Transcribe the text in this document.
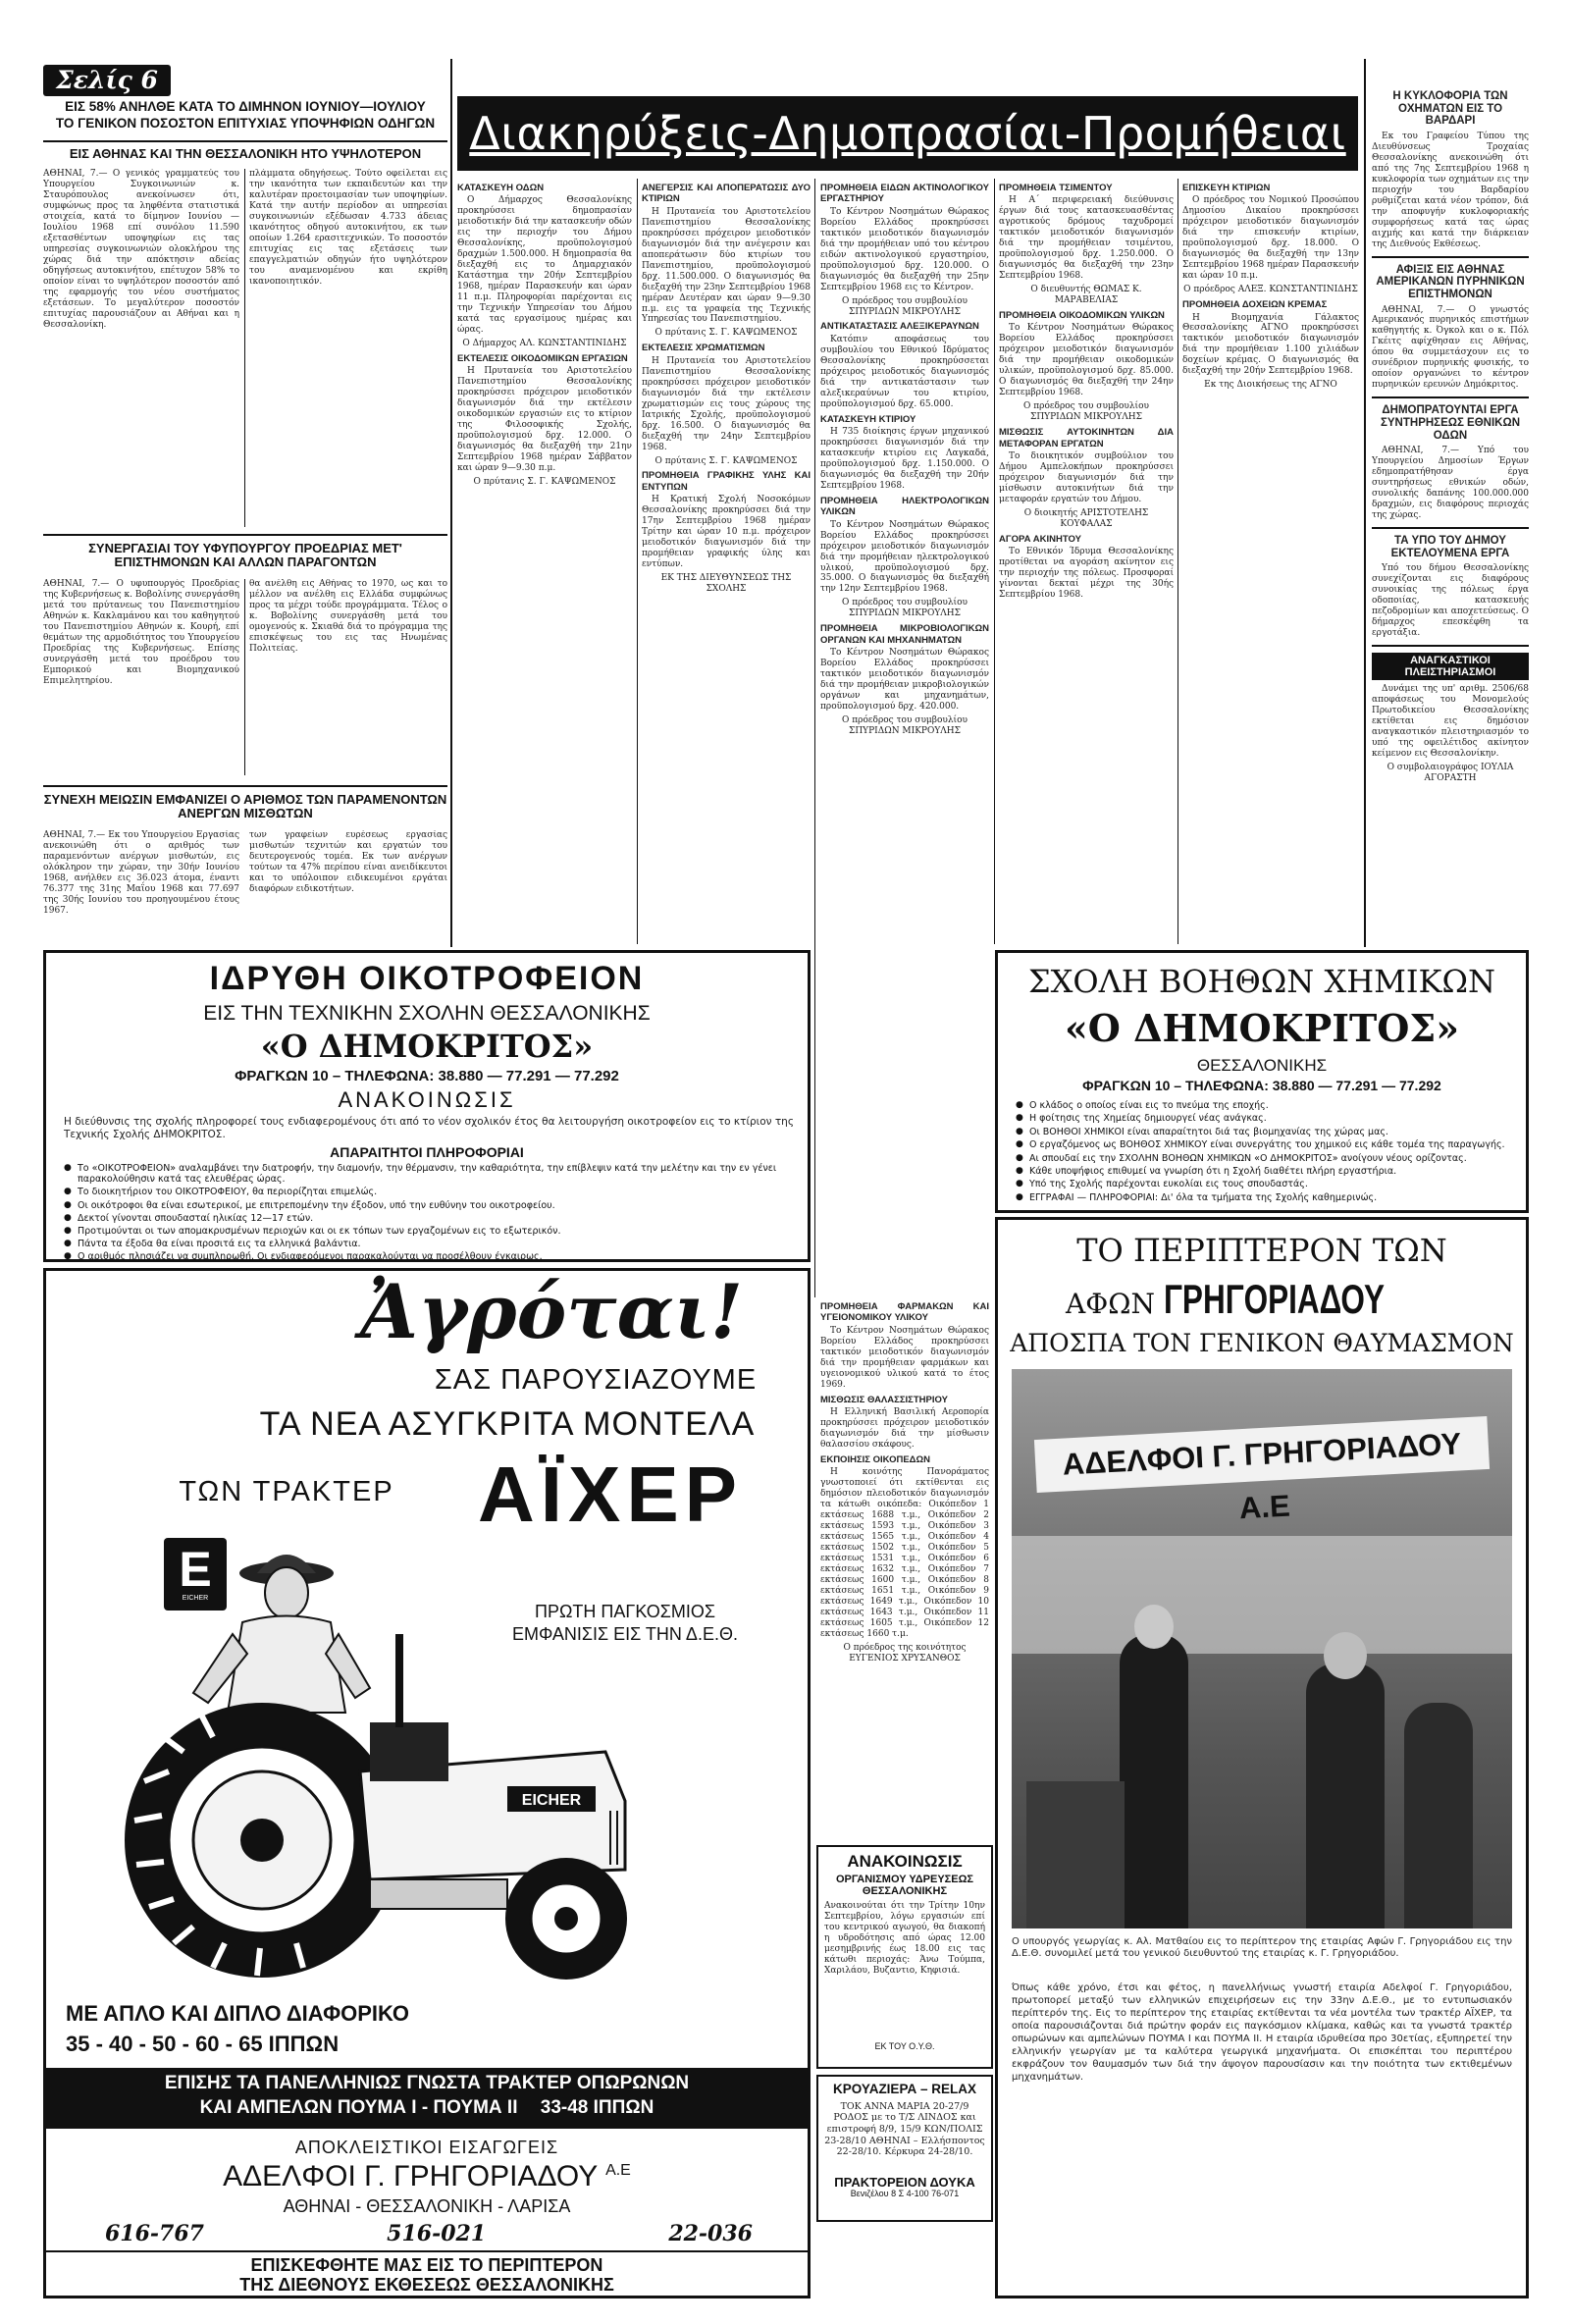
Σελίς 6
ΕΙΣ 58% ΑΝΗΛΘΕ ΚΑΤΑ ΤΟ ΔΙΜΗΝΟΝ ΙΟΥΝΙΟΥ—ΙΟΥΛΙΟΥ
ΤΟ ΓΕΝΙΚΟΝ ΠΟΣΟΣΤΟΝ ΕΠΙΤΥΧΙΑΣ ΥΠΟΨΗΦΙΩΝ ΟΔΗΓΩΝ
ΕΙΣ ΑΘΗΝΑΣ ΚΑΙ ΤΗΝ ΘΕΣΣΑΛΟΝΙΚΗ ΗΤΟ ΥΨΗΛΟΤΕΡΟΝ
ΑΘΗΝΑΙ, 7.— Ο γενικός γραμματεύς του Υπουργείου Συγκοινωνιών κ. Σταυρόπουλος ανεκοίνωσεν ότι, συμφώνως προς τα ληφθέντα στατιστικά στοιχεία, κατά το δίμηνον Ιουνίου — Ιουλίου 1968 επί συνόλου 11.590 εξετασθέντων υποψηφίων εις τας υπηρεσίας συγκοινωνιών ολοκλήρου της χώρας διά την απόκτησιν αδείας οδηγήσεως αυτοκινήτου, επέτυχον 58% το οποίον είναι το υψηλότερον ποσοστόν από της εφαρμογής του νέου συστήματος εξετάσεων. Το μεγαλύτερον ποσοστόν επιτυχίας παρουσιάζουν αι Αθήναι και η Θεσσαλονίκη.
πλάμματα οδηγήσεως. Τούτο οφείλεται εις την ικανότητα των εκπαιδευτών και την καλυτέραν προετοιμασίαν των υποψηφίων. Κατά την αυτήν περίοδον αι υπηρεσίαι συγκοινωνιών εξέδωσαν 4.733 άδειας ικανότητος οδηγού αυτοκινήτου, εκ των οποίων 1.264 ερασιτεχνικών. Το ποσοστόν επιτυχίας εις τας εξετάσεις των επαγγελματιών οδηγών ήτο υψηλότερον του αναμενομένου και εκρίθη ικανοποιητικόν.
ΣΥΝΕΡΓΑΣΙΑΙ ΤΟΥ ΥΦΥΠΟΥΡΓΟΥ ΠΡΟΕΔΡΙΑΣ ΜΕΤ' ΕΠΙΣΤΗΜΟΝΩΝ ΚΑΙ ΑΛΛΩΝ ΠΑΡΑΓΟΝΤΩΝ
ΑΘΗΝΑΙ, 7.— Ο υφυπουργός Προεδρίας της Κυβερνήσεως κ. Βοβολίνης συνεργάσθη μετά του πρύτανεως του Πανεπιστημίου Αθηνών κ. Κακλαμάνου και του καθηγητού του Πανεπιστημίου Αθηνών κ. Κουρή, επί θεμάτων της αρμοδιότητος του Υπουργείου Προεδρίας της Κυβερνήσεως. Επίσης συνεργάσθη μετά του προέδρου του Εμπορικού και Βιομηχανικού Επιμελητηρίου.
θα ανέλθη εις Αθήνας το 1970, ως και το μέλλον να ανέλθη εις Ελλάδα συμφώνως προς τα μέχρι τούδε προγράμματα. Τέλος ο κ. Βοβολίνης συνεργάσθη μετά του ομογενούς κ. Σκιαθά διά το πρόγραμμα της επισκέψεως του εις τας Ηνωμένας Πολιτείας.
ΣΥΝΕΧΗ ΜΕΙΩΣΙΝ ΕΜΦΑΝΙΖΕΙ Ο ΑΡΙΘΜΟΣ ΤΩΝ ΠΑΡΑΜΕΝΟΝΤΩΝ ΑΝΕΡΓΩΝ ΜΙΣΘΩΤΩΝ
ΑΘΗΝΑΙ, 7.— Εκ του Υπουργείου Εργασίας ανεκοινώθη ότι ο αριθμός των παραμενόντων ανέργων μισθωτών, εις ολόκληρον την χώραν, την 30ήν Ιουνίου 1968, ανήλθεν εις 36.023 άτομα, έναντι 76.377 της 31ης Μαΐου 1968 και 77.697 της 30ής Ιουνίου του προηγουμένου έτους 1967.
των γραφείων ευρέσεως εργασίας μισθωτών τεχνιτών και εργατών του δευτερογενούς τομέα. Εκ των ανέργων τούτων τα 47% περίπου είναι ανειδίκευτοι και το υπόλοιπον ειδικευμένοι εργάται διαφόρων ειδικοτήτων.
Διακηρύξεις-Δημοπρασίαι-Προμήθειαι
ΚΑΤΑΣΚΕΥΗ ΟΔΩΝ

Ο Δήμαρχος Θεσσαλονίκης προκηρύσσει δημοπρασίαν μειοδοτικήν διά την κατασκευήν οδών εις την περιοχήν του Δήμου Θεσσαλονίκης, προϋπολογισμού δραχμών 1.500.000. Η δημοπρασία θα διεξαχθή εις το Δημαρχιακόν Κατάστημα την 20ήν Σεπτεμβρίου 1968, ημέραν Παρασκευήν και ώραν 11 π.μ. Πληροφορίαι παρέχονται εις την Τεχνικήν Υπηρεσίαν του Δήμου κατά τας εργασίμους ημέρας και ώρας.

Ο Δήμαρχος ΑΛ. ΚΩΝΣΤΑΝΤΙΝΙΔΗΣ
ΕΚΤΕΛΕΣΙΣ ΟΙΚΟΔΟΜΙΚΩΝ ΕΡΓΑΣΙΩΝ

Η Πρυτανεία του Αριστοτελείου Πανεπιστημίου Θεσσαλονίκης προκηρύσσει πρόχειρον μειοδοτικόν διαγωνισμόν διά την εκτέλεσιν οικοδομικών εργασιών εις το κτίριον της Φιλοσοφικής Σχολής, προϋπολογισμού δρχ. 12.000. Ο διαγωνισμός θα διεξαχθή την 21ην Σεπτεμβρίου 1968 ημέραν Σάββατον και ώραν 9—9.30 π.μ.

Ο πρύτανις Σ. Γ. ΚΑΨΩΜΕΝΟΣ
ΑΝΕΓΕΡΣΙΣ ΚΑΙ ΑΠΟΠΕΡΑΤΩΣΙΣ ΔΥΟ ΚΤΙΡΙΩΝ

Η Πρυτανεία του Αριστοτελείου Πανεπιστημίου Θεσσαλονίκης προκηρύσσει πρόχειρον μειοδοτικόν διαγωνισμόν διά την ανέγερσιν και αποπεράτωσιν δύο κτιρίων του Πανεπιστημίου, προϋπολογισμού δρχ. 11.500.000. Ο διαγωνισμός θα διεξαχθή την 23ην Σεπτεμβρίου 1968 ημέραν Δευτέραν και ώραν 9—9.30 π.μ. εις τα γραφεία της Τεχνικής Υπηρεσίας του Πανεπιστημίου.

Ο πρύτανις Σ. Γ. ΚΑΨΩΜΕΝΟΣ
ΕΚΤΕΛΕΣΙΣ ΧΡΩΜΑΤΙΣΜΩΝ

Η Πρυτανεία του Αριστοτελείου Πανεπιστημίου Θεσσαλονίκης προκηρύσσει πρόχειρον μειοδοτικόν διαγωνισμόν διά την εκτέλεσιν χρωματισμών εις τους χώρους της Ιατρικής Σχολής, προϋπολογισμού δρχ. 16.500. Ο διαγωνισμός θα διεξαχθή την 24ην Σεπτεμβρίου 1968.

Ο πρύτανις Σ. Γ. ΚΑΨΩΜΕΝΟΣ
ΠΡΟΜΗΘΕΙΑ ΓΡΑΦΙΚΗΣ ΥΛΗΣ ΚΑΙ ΕΝΤΥΠΩΝ

Η Κρατική Σχολή Νοσοκόμων Θεσσαλονίκης προκηρύσσει διά την 17ην Σεπτεμβρίου 1968 ημέραν Τρίτην και ώραν 10 π.μ. πρόχειρον μειοδοτικόν διαγωνισμόν διά την προμήθειαν γραφικής ύλης και εντύπων.

ΕΚ ΤΗΣ ΔΙΕΥΘΥΝΣΕΩΣ ΤΗΣ ΣΧΟΛΗΣ
ΠΡΟΜΗΘΕΙΑ ΕΙΔΩΝ ΑΚΤΙΝΟΛΟΓΙΚΟΥ ΕΡΓΑΣΤΗΡΙΟΥ

Το Κέντρον Νοσημάτων Θώρακος Βορείου Ελλάδος προκηρύσσει τακτικόν μειοδοτικόν διαγωνισμόν διά την προμήθειαν υπό του κέντρου ειδών ακτινολογικού εργαστηρίου, προϋπολογισμού δρχ. 120.000. Ο διαγωνισμός θα διεξαχθή την 25ην Σεπτεμβρίου 1968 εις το Κέντρον.

Ο πρόεδρος του συμβουλίου ΣΠΥΡΙΔΩΝ ΜΙΚΡΟΥΛΗΣ
ΑΝΤΙΚΑΤΑΣΤΑΣΙΣ ΑΛΕΞΙΚΕΡΑΥΝΩΝ

Κατόπιν αποφάσεως του συμβουλίου του Εθνικού Ιδρύματος Θεσσαλονίκης προκηρύσσεται πρόχειρος μειοδοτικός διαγωνισμός διά την αντικατάστασιν των αλεξικεραύνων του κτιρίου, προϋπολογισμού δρχ. 65.000.

ΚΑΤΑΣΚΕΥΗ ΚΤΙΡΙΟΥ

Η 735 διοίκησις έργων μηχανικού προκηρύσσει διαγωνισμόν διά την κατασκευήν κτιρίου εις Λαγκαδά, προϋπολογισμού δρχ. 1.150.000. Ο διαγωνισμός θα διεξαχθή την 20ήν Σεπτεμβρίου 1968.

ΠΡΟΜΗΘΕΙΑ ΗΛΕΚΤΡΟΛΟΓΙΚΩΝ ΥΛΙΚΩΝ

Το Κέντρον Νοσημάτων Θώρακος Βορείου Ελλάδος προκηρύσσει πρόχειρον μειοδοτικόν διαγωνισμόν διά την προμήθειαν ηλεκτρολογικού υλικού, προϋπολογισμού δρχ. 35.000. Ο διαγωνισμός θα διεξαχθή την 12ην Σεπτεμβρίου 1968.

Ο πρόεδρος του συμβουλίου ΣΠΥΡΙΔΩΝ ΜΙΚΡΟΥΛΗΣ
ΠΡΟΜΗΘΕΙΑ ΜΙΚΡΟΒΙΟΛΟΓΙΚΩΝ ΟΡΓΑΝΩΝ ΚΑΙ ΜΗΧΑΝΗΜΑΤΩΝ

Το Κέντρον Νοσημάτων Θώρακος Βορείου Ελλάδος προκηρύσσει τακτικόν μειοδοτικόν διαγωνισμόν διά την προμήθειαν μικροβιολογικών οργάνων και μηχανημάτων, προϋπολογισμού δρχ. 420.000.

Ο πρόεδρος του συμβουλίου ΣΠΥΡΙΔΩΝ ΜΙΚΡΟΥΛΗΣ
ΠΡΟΜΗΘΕΙΑ ΤΣΙΜΕΝΤΟΥ

Η Α΄ περιφερειακή διεύθυνσις έργων διά τους κατασκευασθέντας αγροτικούς δρόμους ταχυδρομεί τακτικόν μειοδοτικόν διαγωνισμόν διά την προμήθειαν τσιμέντου, προϋπολογισμού δρχ. 1.250.000. Ο διαγωνισμός θα διεξαχθή την 23ην Σεπτεμβρίου 1968.

Ο διευθυντής ΘΩΜΑΣ Κ. ΜΑΡΑΒΕΛΙΑΣ
ΠΡΟΜΗΘΕΙΑ ΟΙΚΟΔΟΜΙΚΩΝ ΥΛΙΚΩΝ

Το Κέντρον Νοσημάτων Θώρακος Βορείου Ελλάδος προκηρύσσει πρόχειρον μειοδοτικόν διαγωνισμόν διά την προμήθειαν οικοδομικών υλικών, προϋπολογισμού δρχ. 85.000. Ο διαγωνισμός θα διεξαχθή την 24ην Σεπτεμβρίου 1968.

Ο πρόεδρος του συμβουλίου ΣΠΥΡΙΔΩΝ ΜΙΚΡΟΥΛΗΣ
ΜΙΣΘΩΣΙΣ ΑΥΤΟΚΙΝΗΤΩΝ ΔΙΑ ΜΕΤΑΦΟΡΑΝ ΕΡΓΑΤΩΝ

Το διοικητικόν συμβούλιον του Δήμου Αμπελοκήπων προκηρύσσει πρόχειρον διαγωνισμόν διά την μίσθωσιν αυτοκινήτων διά την μεταφοράν εργατών του Δήμου.

Ο διοικητής ΑΡΙΣΤΟΤΕΛΗΣ ΚΟΥΦΑΛΑΣ
ΑΓΟΡΑ ΑΚΙΝΗΤΟΥ

Το Εθνικόν Ίδρυμα Θεσσαλονίκης προτίθεται να αγοράση ακίνητον εις την περιοχήν της πόλεως. Προσφοραί γίνονται δεκταί μέχρι της 30ής Σεπτεμβρίου 1968.

ΕΠΙΣΚΕΥΗ ΚΤΙΡΙΩΝ

Ο πρόεδρος του Νομικού Προσώπου Δημοσίου Δικαίου προκηρύσσει πρόχειρον μειοδοτικόν διαγωνισμόν διά την επισκευήν κτιρίων, προϋπολογισμού δρχ. 18.000. Ο διαγωνισμός θα διεξαχθή την 13ην Σεπτεμβρίου 1968 ημέραν Παρασκευήν και ώραν 10 π.μ.

Ο πρόεδρος ΑΛΕΞ. ΚΩΝΣΤΑΝΤΙΝΙΔΗΣ
ΠΡΟΜΗΘΕΙΑ ΔΟΧΕΙΩΝ ΚΡΕΜΑΣ

Η Βιομηχανία Γάλακτος Θεσσαλονίκης ΑΓΝΟ προκηρύσσει τακτικόν μειοδοτικόν διαγωνισμόν διά την προμήθειαν 1.100 χιλιάδων δοχείων κρέμας. Ο διαγωνισμός θα διεξαχθή την 20ήν Σεπτεμβρίου 1968.

Εκ της Διοικήσεως της ΑΓΝΟ
Η ΚΥΚΛΟΦΟΡΙΑ ΤΩΝ ΟΧΗΜΑΤΩΝ ΕΙΣ ΤΟ ΒΑΡΔΑΡΙ

Εκ του Γραφείου Τύπου της Διευθύνσεως Τροχαίας Θεσσαλονίκης ανεκοινώθη ότι από της 7ης Σεπτεμβρίου 1968 η κυκλοφορία των οχημάτων εις την περιοχήν του Βαρδαρίου ρυθμίζεται κατά νέον τρόπον, διά την αποφυγήν κυκλοφοριακής συμφορήσεως κατά τας ώρας αιχμής και κατά την διάρκειαν της Διεθνούς Εκθέσεως.

ΑΦΙΞΙΣ ΕΙΣ ΑΘΗΝΑΣ ΑΜΕΡΙΚΑΝΩΝ ΠΥΡΗΝΙΚΩΝ ΕΠΙΣΤΗΜΟΝΩΝ

ΑΘΗΝΑΙ, 7.— Ο γνωστός Αμερικανός πυρηνικός επιστήμων καθηγητής κ. Όγκολ και ο κ. Πόλ Γκέιτς αφίχθησαν εις Αθήνας, όπου θα συμμετάσχουν εις το συνέδριον πυρηνικής φυσικής, το οποίον οργανώνει το κέντρον πυρηνικών ερευνών Δημόκριτος.

ΔΗΜΟΠΡΑΤΟΥΝΤΑΙ ΕΡΓΑ ΣΥΝΤΗΡΗΣΕΩΣ ΕΘΝΙΚΩΝ ΟΔΩΝ

ΑΘΗΝΑΙ, 7.— Υπό του Υπουργείου Δημοσίων Έργων εδημοπρατήθησαν έργα συντηρήσεως εθνικών οδών, συνολικής δαπάνης 100.000.000 δραχμών, εις διαφόρους περιοχάς της χώρας.

ΤΑ ΥΠΟ ΤΟΥ ΔΗΜΟΥ ΕΚΤΕΛΟΥΜΕΝΑ ΕΡΓΑ

Υπό του δήμου Θεσσαλονίκης συνεχίζονται εις διαφόρους συνοικίας της πόλεως έργα οδοποιίας, κατασκευής πεζοδρομίων και αποχετεύσεως. Ο δήμαρχος επεσκέφθη τα εργοτάξια.

ΑΝΑΓΚΑΣΤΙΚΟΙ ΠΛΕΙΣΤΗΡΙΑΣΜΟΙ

Δυνάμει της υπ' αριθμ. 2506/68 αποφάσεως του Μονομελούς Πρωτοδικείου Θεσσαλονίκης εκτίθεται εις δημόσιον αναγκαστικόν πλειστηριασμόν το υπό της οφειλέτιδος ακίνητον κείμενον εις Θεσσαλονίκην.

Ο συμβολαιογράφος ΙΟΥΛΙΑ ΑΓΟΡΑΣΤΗ
ΙΔΡΥΘΗ ΟΙΚΟΤΡΟΦΕΙΟΝ
ΕΙΣ ΤΗΝ ΤΕΧΝΙΚΗΝ ΣΧΟΛΗΝ ΘΕΣΣΑΛΟΝΙΚΗΣ
«Ο ΔΗΜΟΚΡΙΤΟΣ»
ΦΡΑΓΚΩΝ 10 – ΤΗΛΕΦΩΝΑ: 38.880 — 77.291 — 77.292
ΑΝΑΚΟΙΝΩΣΙΣ
Η διεύθυνσις της σχολής πληροφορεί τους ενδιαφερομένους ότι από το νέον σχολικόν έτος θα λειτουργήση οικοτροφείον εις το κτίριον της Τεχνικής Σχολής ΔΗΜΟΚΡΙΤΟΣ.
ΑΠΑΡΑΙΤΗΤΟΙ ΠΛΗΡΟΦΟΡΙΑΙ
● Το «ΟΙΚΟΤΡΟΦΕΙΟΝ» αναλαμβάνει την διατροφήν, την διαμονήν, την θέρμανσιν, την καθαριότητα, την επίβλεψιν κατά την μελέτην και την εν γένει παρακολούθησιν κατά τας ελευθέρας ώρας.
● Το διοικητήριον του ΟΙΚΟΤΡΟΦΕΙΟΥ, θα περιορίζηται επιμελώς.
● Οι οικότροφοι θα είναι εσωτερικοί, με επιτρεπομένην την έξοδον, υπό την ευθύνην του οικοτροφείου.
● Δεκτοί γίνονται σπουδασταί ηλικίας 12—17 ετών.
● Προτιμούνται οι των απομακρυσμένων περιοχών και οι εκ τόπων των εργαζομένων εις το εξωτερικόν.
● Πάντα τα έξοδα θα είναι προσιτά εις τα ελληνικά βαλάντια.
● Ο αριθμός πλησιάζει να συμπληρωθή. Οι ενδιαφερόμενοι παρακαλούνται να προσέλθουν έγκαιρως.
ΣΧΟΛΗ ΒΟΗΘΩΝ ΧΗΜΙΚΩΝ
«Ο ΔΗΜΟΚΡΙΤΟΣ»
ΘΕΣΣΑΛΟΝΙΚΗΣ
ΦΡΑΓΚΩΝ 10 – ΤΗΛΕΦΩΝΑ: 38.880 — 77.291 — 77.292
● Ο κλάδος ο οποίος είναι εις το πνεύμα της εποχής.
● Η φοίτησις της Χημείας δημιουργεί νέας ανάγκας.
● Οι ΒΟΗΘΟΙ ΧΗΜΙΚΟΙ είναι απαραίτητοι διά τας βιομηχανίας της χώρας μας.
● Ο εργαζόμενος ως ΒΟΗΘΟΣ ΧΗΜΙΚΟΥ είναι συνεργάτης του χημικού εις κάθε τομέα της παραγωγής.
● Αι σπουδαί εις την ΣΧΟΛΗΝ ΒΟΗΘΩΝ ΧΗΜΙΚΩΝ «Ο ΔΗΜΟΚΡΙΤΟΣ» ανοίγουν νέους ορίζοντας.
● Κάθε υποψήφιος επιθυμεί να γνωρίση ότι η Σχολή διαθέτει πλήρη εργαστήρια.
● Υπό της Σχολής παρέχονται ευκολίαι εις τους σπουδαστάς.
● ΕΓΓΡΑΦΑΙ — ΠΛΗΡΟΦΟΡΙΑΙ: Δι' όλα τα τμήματα της Σχολής καθημερινώς.
Ἀγρόται!
ΣΑΣ ΠΑΡΟΥΣΙΑΖΟΥΜΕ
ΤΑ ΝΕΑ ΑΣΥΓΚΡΙΤΑ ΜΟΝΤΕΛΑ
ΤΩΝ ΤΡΑΚΤΕΡ	ΑΪΧΕΡ
E
EICHER
ΠΡΩΤΗ ΠΑΓΚΟΣΜΙΟΣ ΕΜΦΑΝΙΣΙΣ ΕΙΣ ΤΗΝ Δ.Ε.Θ.
EICHER
ΜΕ ΑΠΛΟ ΚΑΙ ΔΙΠΛΟ ΔΙΑΦΟΡΙΚΟ
35 - 40 - 50 - 60 - 65 ΙΠΠΩΝ
ΕΠΙΣΗΣ ΤΑ ΠΑΝΕΛΛΗΝΙΩΣ ΓΝΩΣΤΑ ΤΡΑΚΤΕΡ ΟΠΩΡΩΝΩΝ
ΚΑΙ ΑΜΠΕΛΩΝ ΠΟΥΜΑ I - ΠΟΥΜΑ II 33-48 ΙΠΠΩΝ
ΑΠΟΚΛΕΙΣΤΙΚΟΙ ΕΙΣΑΓΩΓΕΙΣ
ΑΔΕΛΦΟΙ Γ. ΓΡΗΓΟΡΙΑΔΟΥ $^{A.E}$
ΑΘΗΝΑΙ - ΘΕΣΣΑΛΟΝΙΚΗ - ΛΑΡΙΣΑ
616-767	516-021	22-036
ΕΠΙΣΚΕΦΘΗΤΕ ΜΑΣ ΕΙΣ ΤΟ ΠΕΡΙΠΤΕΡΟΝ
ΤΗΣ ΔΙΕΘΝΟΥΣ ΕΚΘΕΣΕΩΣ ΘΕΣΣΑΛΟΝΙΚΗΣ
ΠΡΟΜΗΘΕΙΑ ΦΑΡΜΑΚΩΝ ΚΑΙ ΥΓΕΙΟΝΟΜΙΚΟΥ ΥΛΙΚΟΥ

Το Κέντρον Νοσημάτων Θώρακος Βορείου Ελλάδος προκηρύσσει τακτικόν μειοδοτικόν διαγωνισμόν διά την προμήθειαν φαρμάκων και υγειονομικού υλικού κατά το έτος 1969.

ΜΙΣΘΩΣΙΣ ΘΑΛΑΣΣΙΣΤΗΡΙΟΥ

Η Ελληνική Βασιλική Αεροπορία προκηρύσσει πρόχειρον μειοδοτικόν διαγωνισμόν διά την μίσθωσιν θαλασσίου σκάφους.

ΕΚΠΟΙΗΣΙΣ ΟΙΚΟΠΕΔΩΝ

Η κοινότης Πανοράματος γνωστοποιεί ότι εκτίθενται εις δημόσιον πλειοδοτικόν διαγωνισμόν τα κάτωθι οικόπεδα: Οικόπεδον 1 εκτάσεως 1688 τ.μ., Οικόπεδον 2 εκτάσεως 1593 τ.μ., Οικόπεδον 3 εκτάσεως 1565 τ.μ., Οικόπεδον 4 εκτάσεως 1502 τ.μ., Οικόπεδον 5 εκτάσεως 1531 τ.μ., Οικόπεδον 6 εκτάσεως 1632 τ.μ., Οικόπεδον 7 εκτάσεως 1600 τ.μ., Οικόπεδον 8 εκτάσεως 1651 τ.μ., Οικόπεδον 9 εκτάσεως 1649 τ.μ., Οικόπεδον 10 εκτάσεως 1643 τ.μ., Οικόπεδον 11 εκτάσεως 1605 τ.μ., Οικόπεδον 12 εκτάσεως 1660 τ.μ.

Ο πρόεδρος της κοινότητος ΕΥΓΕΝΙΟΣ ΧΡΥΣΑΝΘΟΣ
ΑΝΑΚΟΙΝΩΣΙΣ
ΟΡΓΑΝΙΣΜΟΥ ΥΔΡΕΥΣΕΩΣ ΘΕΣΣΑΛΟΝΙΚΗΣ
Ανακοινούται ότι την Τρίτην 10ην Σεπτεμβρίου, λόγω εργασιών επί του κεντρικού αγωγού, θα διακοπή η υδροδότησις από ώρας 12.00 μεσημβρινής έως 18.00 εις τας κάτωθι περιοχάς: Άνω Τούμπα, Χαριλάου, Βυζαντιο, Κηφισιά.
ΕΚ ΤΟΥ Ο.Υ.Θ.
ΚΡΟΥΑΖΙΕΡΑ – RELAX
ΤΟΚ ΑΝΝΑ ΜΑΡΙΑ 20-27/9 ΡΟΔΟΣ με το T/Σ ΛΙΝΔΟΣ και επιστροφή 8/9, 15/9 ΚΩΝ/ΠΟΛΙΣ 23-28/10 ΑΘΗΝΑΙ – Ελλήσποντος 22-28/10. Κέρκυρα 24-28/10.
ΠΡΑΚΤΟΡΕΙΟΝ ΔΟΥΚΑ
Βενιζέλου 8 Σ 4-100 76-071
ΤΟ ΠΕΡΙΠΤΕΡΟΝ ΤΩΝ
ΑΦΩΝ ΓΡΗΓΟΡΙΑΔΟΥ
ΑΠΟΣΠΑ ΤΟΝ ΓΕΝΙΚΟΝ ΘΑΥΜΑΣΜΟΝ
ΑΔΕΛΦΟΙ Γ. ΓΡΗΓΟΡΙΑΔΟΥ Α.Ε
Ο υπουργός γεωργίας κ. Αλ. Ματθαίου εις το περίπτερον της εταιρίας Αφών Γ. Γρηγοριάδου εις την Δ.Ε.Θ. συνομιλεί μετά του γενικού διευθυντού της εταιρίας κ. Γ. Γρηγοριάδου.
Όπως κάθε χρόνο, έτσι και φέτος, η πανελλήνιως γνωστή εταιρία Αδελφοί Γ. Γρηγοριάδου, πρωτοπορεί μεταξύ των ελληνικών επιχειρήσεων εις την 33ην Δ.Ε.Θ., με το εντυπωσιακόν περίπτερόν της. Εις το περίπτερον της εταιρίας εκτίθενται τα νέα μοντέλα των τρακτέρ ΑΪΧΕΡ, τα οποία παρουσιάζονται διά πρώτην φοράν εις παγκόσμιον κλίμακα, καθώς και τα γνωστά τρακτέρ οπωρώνων και αμπελώνων ΠΟΥΜΑ I και ΠΟΥΜΑ II. Η εταιρία ιδρυθείσα προ 30ετίας, εξυπηρετεί την ελληνικήν γεωργίαν με τα καλύτερα γεωργικά μηχανήματα. Οι επισκέπται του περιπτέρου εκφράζουν τον θαυμασμόν των διά την άψογον παρουσίασιν και την ποιότητα των εκτιθεμένων μηχανημάτων.
